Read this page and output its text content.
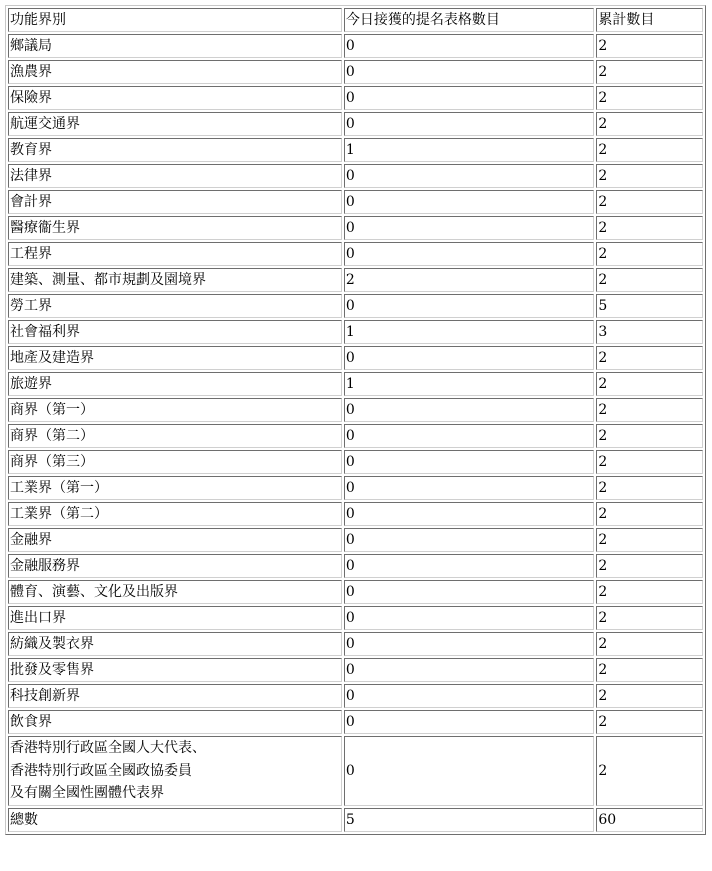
功能界別	今日接獲的提名表格數目	累計數目
鄉議局	0	2
漁農界	0	2
保險界	0	2
航運交通界	0	2
教育界	1	2
法律界	0	2
會計界	0	2
醫療衞生界	0	2
工程界	0	2
建築、測量、都市規劃及園境界	2	2
勞工界	0	5
社會福利界	1	3
地產及建造界	0	2
旅遊界	1	2
商界（第一）	0	2
商界（第二）	0	2
商界（第三）	0	2
工業界（第一）	0	2
工業界（第二）	0	2
金融界	0	2
金融服務界	0	2
體育、演藝、文化及出版界	0	2
進出口界	0	2
紡織及製衣界	0	2
批發及零售界	0	2
科技創新界	0	2
飲食界	0	2

香港特別行政區全國人大代表、
香港特別行政區全國政協委員
及有關全國性團體代表界	0	2
總數	5	60
